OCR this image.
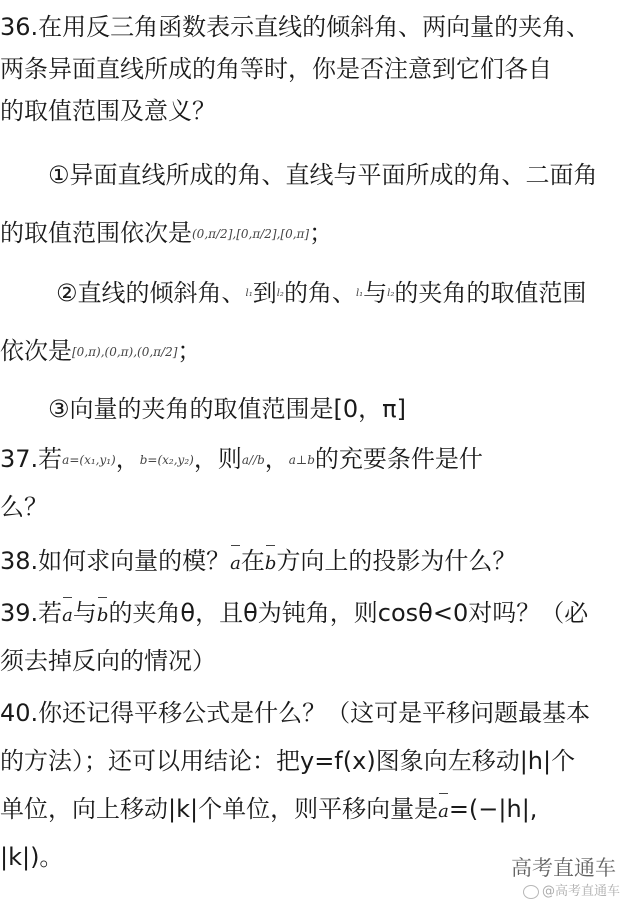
36.在用反三角函数表示直线的倾斜角、两向量的夹角、
两条异面直线所成的角等时，你是否注意到它们各自
的取值范围及意义？
①异面直线所成的角、直线与平面所成的角、二面角
的取值范围依次是(0,π/2],[0,π/2],[0,π]；
②直线的倾斜角、l₁到l₂的角、l₁与l₂的夹角的取值范围
依次是[0,π),(0,π),(0,π/2]；
③向量的夹角的取值范围是[0，π]
37.若a=(x₁,y₁)，b=(x₂,y₂)，则a//b，a⊥b的充要条件是什
么？
38.如何求向量的模？a在b方向上的投影为什么？
39.若a与b的夹角θ，且θ为钝角，则cosθ<0对吗？（必
须去掉反向的情况）
40.你还记得平移公式是什么？（这可是平移问题最基本
的方法）；还可以用结论：把y=f(x)图象向左移动|h|个
单位，向上移动|k|个单位，则平移向量是a=(−|h|,
|k|)。	高考直通车
@高考直通车
